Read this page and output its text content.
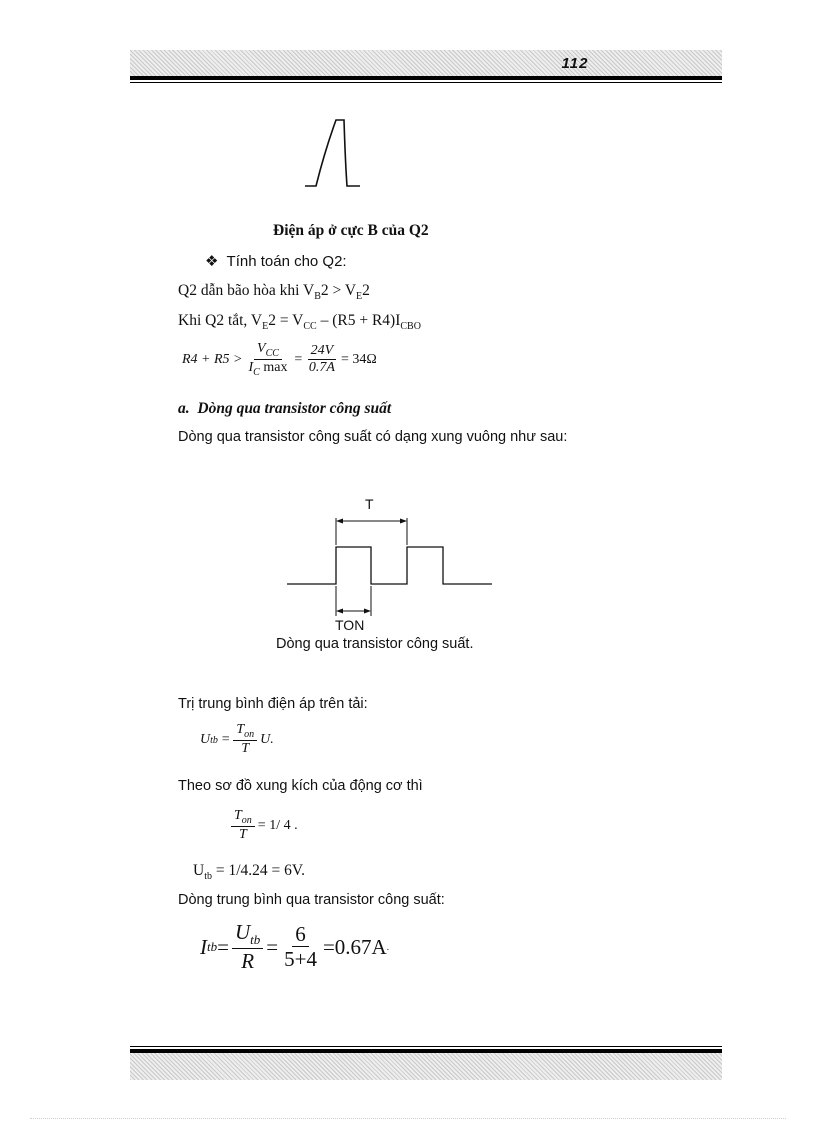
112
Điện áp ở cực B của Q2
❖ Tính toán cho Q2:
Q2 dẫn bão hòa khi $V_B2 > V_E2$
Khi Q2 tắt, $V_E2 = V_{CC} - (R5 + R4)I_{CBO}$
$R4 + R5 > \frac{V_{CC}}{I_C \max} = \frac{24V}{0.7A} = 34\Omega$
a. Dòng qua transistor công suất
Dòng qua transistor công suất có dạng xung vuông như sau:
T
TON
Dòng qua transistor công suất.
Trị trung bình điện áp trên tải:
U tb = $\frac{T_{on}}{T} U$.
Theo sơ đồ xung kích của động cơ thì
$\frac{T_{on}}{T} = 1/$ 4 .
$U_{tb} = 1/4.24 = 6V$.
Dòng trung bình qua transistor công suất:
I tb = $\frac{U_{tb}}{R} = \frac{6}{5+4} =0.67A$ .
